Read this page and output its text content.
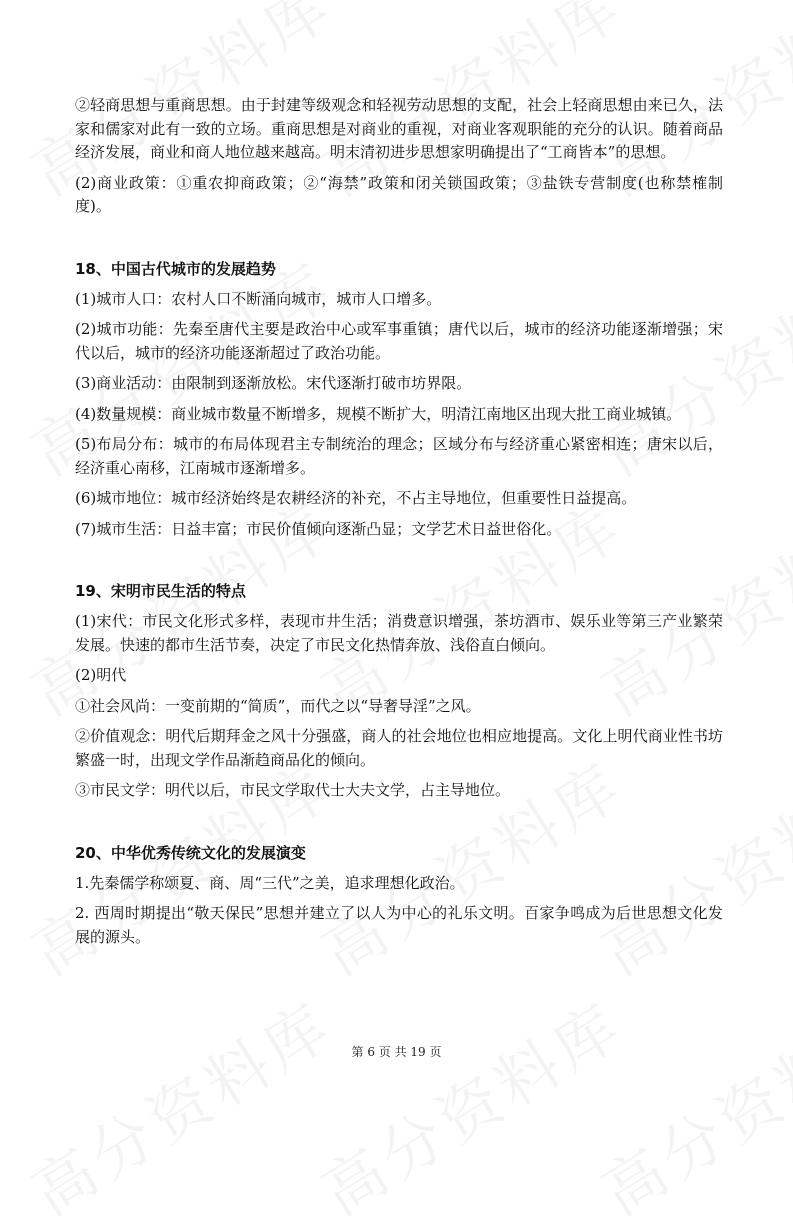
②轻商思想与重商思想。由于封建等级观念和轻视劳动思想的支配，社会上轻商思想由来已久，法家和儒家对此有一致的立场。重商思想是对商业的重视，对商业客观职能的充分的认识。随着商品经济发展，商业和商人地位越来越高。明末清初进步思想家明确提出了“工商皆本”的思想。

(2)商业政策：①重农抑商政策；②“海禁”政策和闭关锁国政策；③盐铁专营制度(也称禁榷制度)。

18、中国古代城市的发展趋势

(1)城市人口：农村人口不断涌向城市，城市人口增多。

(2)城市功能：先秦至唐代主要是政治中心或军事重镇；唐代以后，城市的经济功能逐渐增强；宋代以后，城市的经济功能逐渐超过了政治功能。

(3)商业活动：由限制到逐渐放松。宋代逐渐打破市坊界限。

(4)数量规模：商业城市数量不断增多，规模不断扩大，明清江南地区出现大批工商业城镇。

(5)布局分布：城市的布局体现君主专制统治的理念；区域分布与经济重心紧密相连；唐宋以后，经济重心南移，江南城市逐渐增多。

(6)城市地位：城市经济始终是农耕经济的补充，不占主导地位，但重要性日益提高。

(7)城市生活：日益丰富；市民价值倾向逐渐凸显；文学艺术日益世俗化。

19、宋明市民生活的特点

(1)宋代：市民文化形式多样，表现市井生活；消费意识增强，茶坊酒市、娱乐业等第三产业繁荣发展。快速的都市生活节奏，决定了市民文化热情奔放、浅俗直白倾向。

(2)明代

①社会风尚：一变前期的“简质”，而代之以“导奢导淫”之风。

②价值观念：明代后期拜金之风十分强盛，商人的社会地位也相应地提高。文化上明代商业性书坊繁盛一时，出现文学作品渐趋商品化的倾向。

③市民文学：明代以后，市民文学取代士大夫文学，占主导地位。

20、中华优秀传统文化的发展演变

1.先秦儒学称颂夏、商、周“三代”之美，追求理想化政治。

2. 西周时期提出“敬天保民”思想并建立了以人为中心的礼乐文明。百家争鸣成为后世思想文化发展的源头。

第 6 页 共 19 页
